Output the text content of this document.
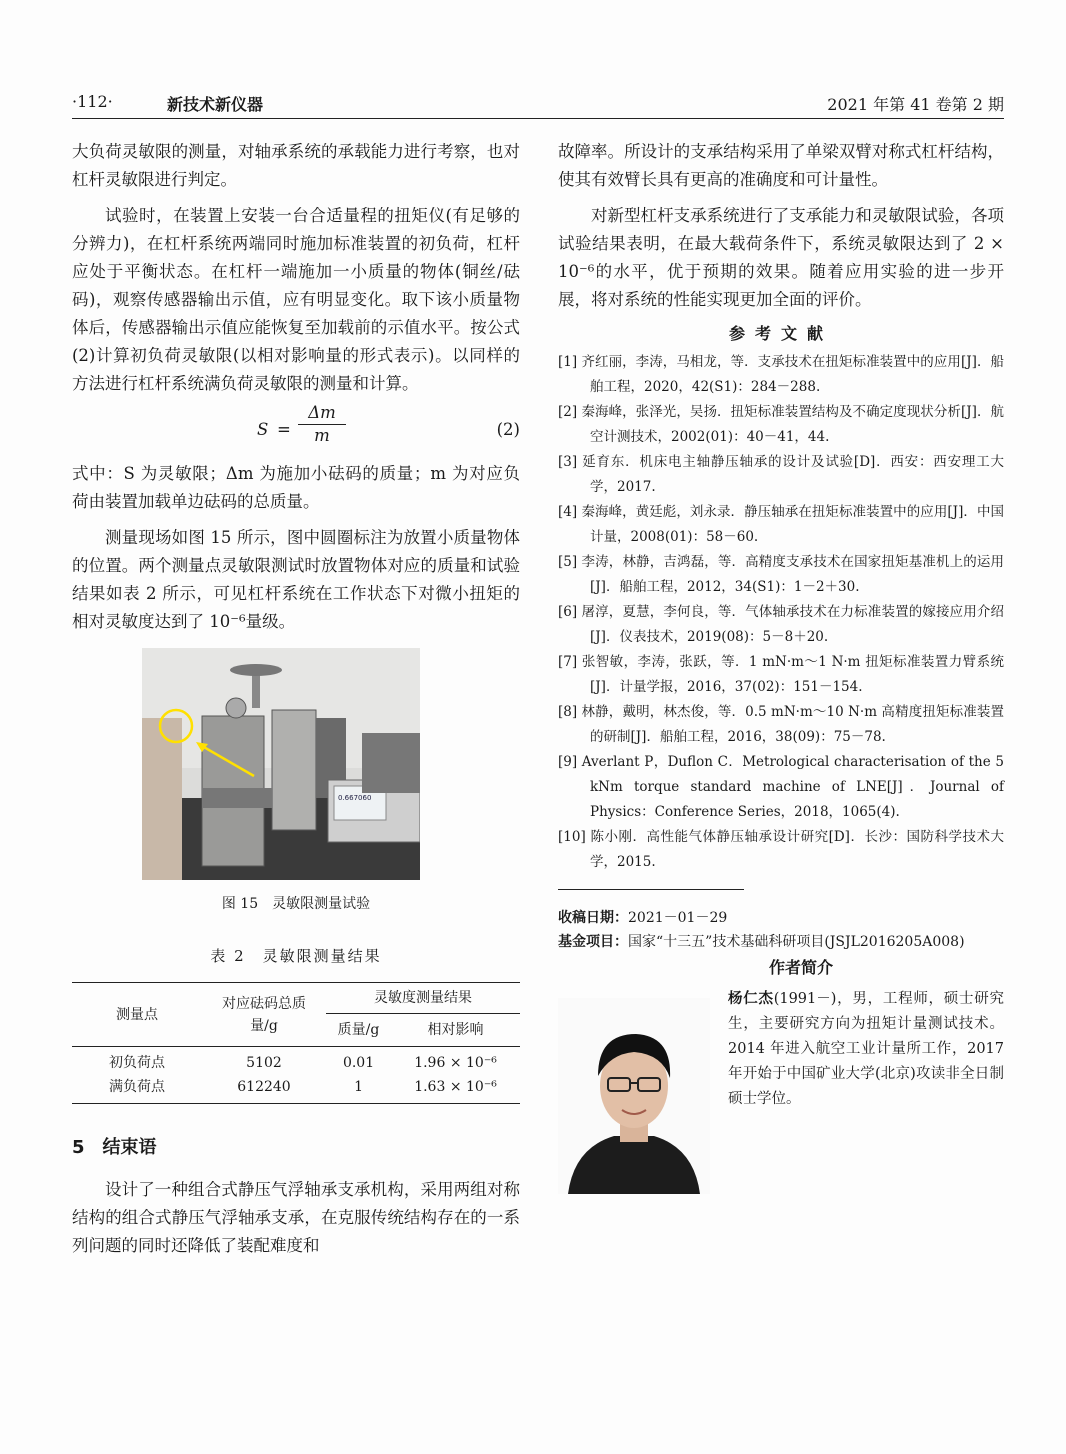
·112·	新技术新仪器	2021 年第 41 卷第 2 期

大负荷灵敏限的测量，对轴承系统的承载能力进行考察，也对杠杆灵敏限进行判定。

试验时，在装置上安装一台合适量程的扭矩仪(有足够的分辨力)，在杠杆系统两端同时施加标准装置的初负荷，杠杆应处于平衡状态。在杠杆一端施加一小质量的物体(铜丝/砝码)，观察传感器输出示值，应有明显变化。取下该小质量物体后，传感器输出示值应能恢复至加载前的示值水平。按公式(2)计算初负荷灵敏限(以相对影响量的形式表示)。以同样的方法进行杠杆系统满负荷灵敏限的测量和计算。

$S = \frac{\Delta m}{m}$	(2)

式中：S 为灵敏限；Δm 为施加小砝码的质量；m 为对应负荷由装置加载单边砝码的总质量。

测量现场如图 15 所示，图中圆圈标注为放置小质量物体的位置。两个测量点灵敏限测试时放置物体对应的质量和试验结果如表 2 所示，可见杠杆系统在工作状态下对微小扭矩的相对灵敏度达到了 10⁻⁶量级。

0.667060
图 15　灵敏限测量试验
表 2　灵敏限测量结果
测量点	对应砝码总质量/g	灵敏度测量结果	
		质量/g	相对影响
初负荷点	5102	0.01	1.96 × 10⁻⁶
满负荷点	612240	1	1.63 × 10⁻⁶
5　结束语

设计了一种组合式静压气浮轴承支承机构，采用两组对称结构的组合式静压气浮轴承支承，在克服传统结构存在的一系列问题的同时还降低了装配难度和

故障率。所设计的支承结构采用了单梁双臂对称式杠杆结构，使其有效臂长具有更高的准确度和可计量性。

对新型杠杆支承系统进行了支承能力和灵敏限试验，各项试验结果表明，在最大载荷条件下，系统灵敏限达到了 2 × 10⁻⁶的水平，优于预期的效果。随着应用实验的进一步开展，将对系统的性能实现更加全面的评价。

参考文献
[1] 齐红丽，李涛，马相龙，等．支承技术在扭矩标准装置中的应用[J]．船舶工程，2020，42(S1)：284－288.
[2] 秦海峰，张泽光，吴扬．扭矩标准装置结构及不确定度现状分析[J]．航空计测技术，2002(01)：40－41，44.
[3] 延育东．机床电主轴静压轴承的设计及试验[D]．西安：西安理工大学，2017.
[4] 秦海峰，黄廷彪，刘永录．静压轴承在扭矩标准装置中的应用[J]．中国计量，2008(01)：58－60.
[5] 李涛，林静，吉鸿磊，等．高精度支承技术在国家扭矩基准机上的运用[J]．船舶工程，2012，34(S1)：1－2＋30.
[6] 屠淳，夏慧，李何良，等．气体轴承技术在力标准装置的嫁接应用介绍[J]．仪表技术，2019(08)：5－8＋20.
[7] 张智敏，李涛，张跃，等．1 mN·m～1 N·m 扭矩标准装置力臂系统[J]．计量学报，2016，37(02)：151－154.
[8] 林静，戴明，林杰俊，等．0.5 mN·m～10 N·m 高精度扭矩标准装置的研制[J]．船舶工程，2016，38(09)：75－78.
[9] Averlant P，Duflon C．Metrological characterisation of the 5 kNm torque standard machine of LNE[J]．Journal of Physics：Conference Series，2018，1065(4).
[10] 陈小刚．高性能气体静压轴承设计研究[D]．长沙：国防科学技术大学，2015.
收稿日期：2021－01－29
基金项目：国家“十三五”技术基础科研项目(JSJL2016205A008)
作者简介
杨仁杰(1991－)，男，工程师，硕士研究生，主要研究方向为扭矩计量测试技术。2014 年进入航空工业计量所工作，2017 年开始于中国矿业大学(北京)攻读非全日制硕士学位。
